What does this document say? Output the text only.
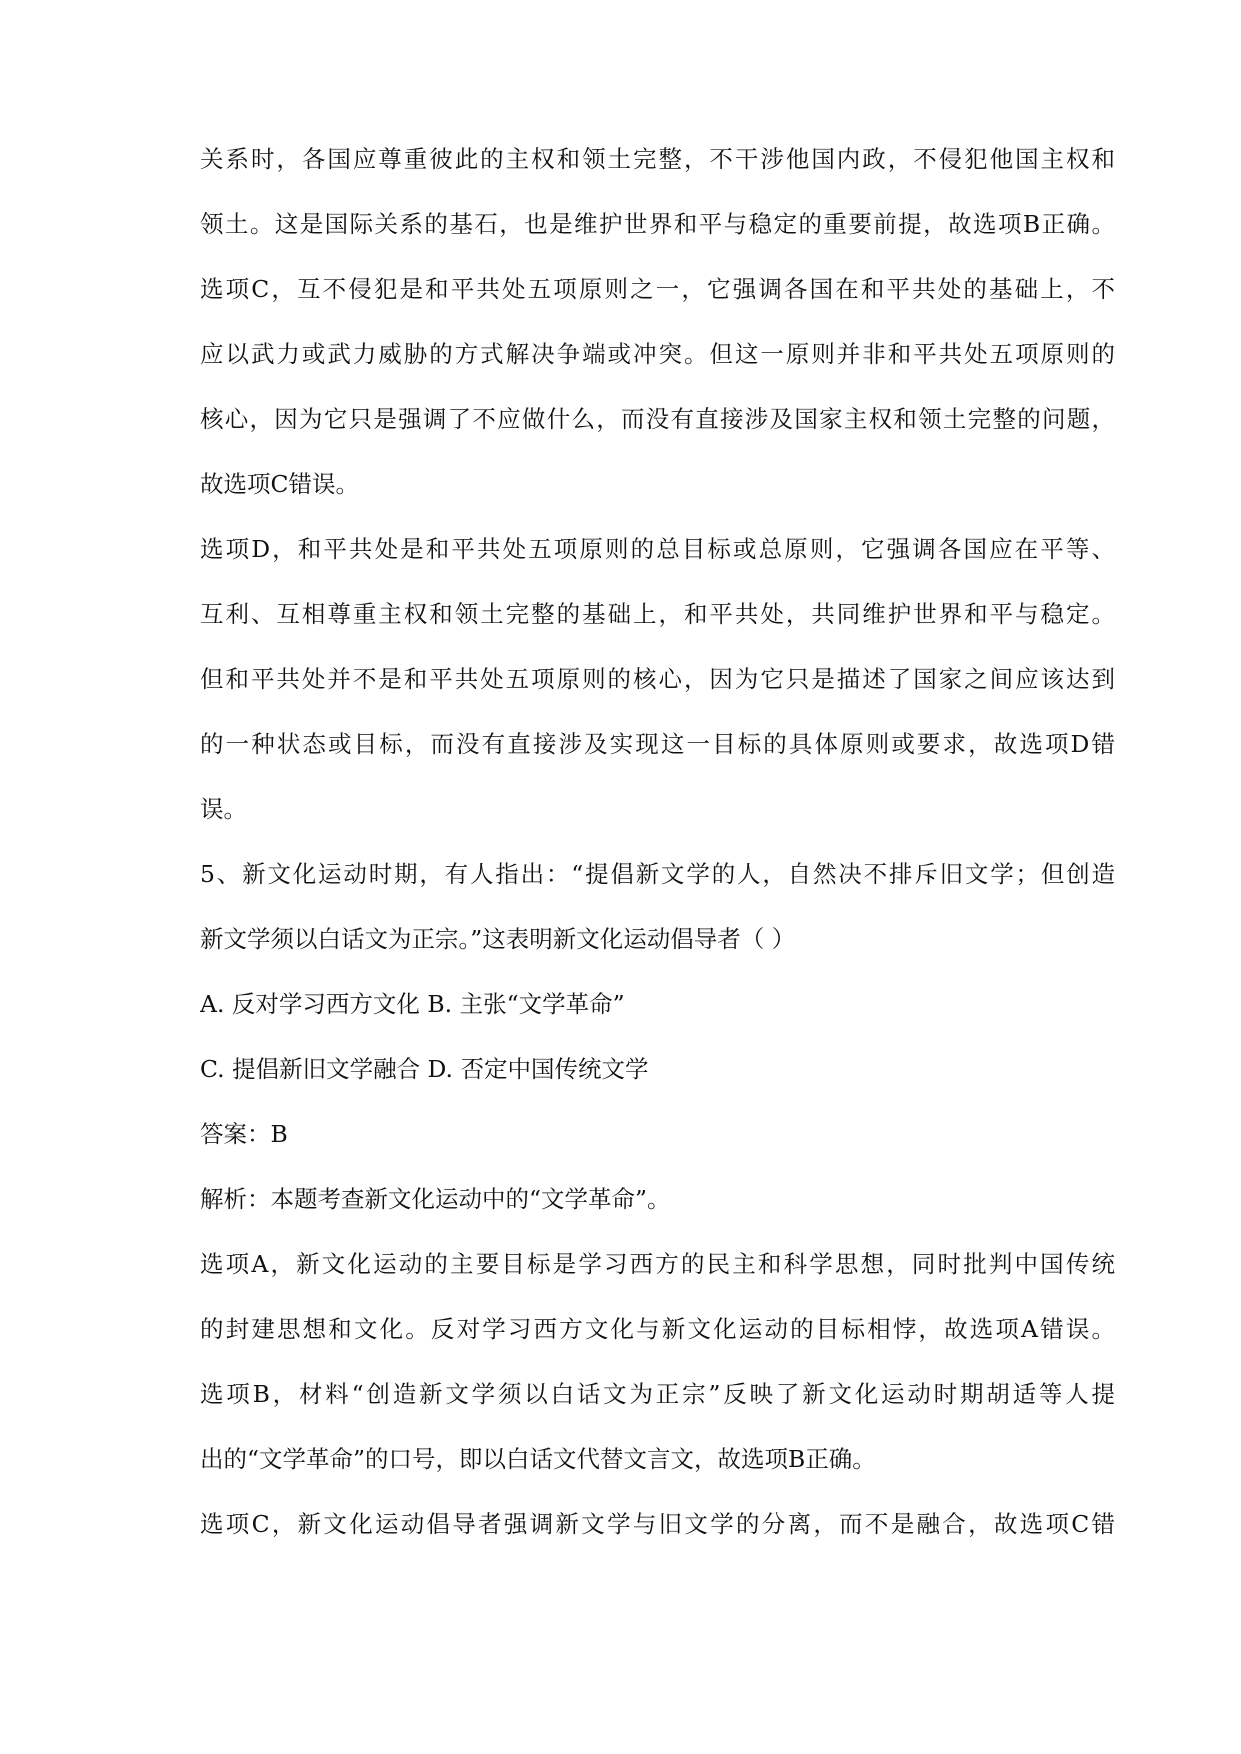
关系时，各国应尊重彼此的主权和领土完整，不干涉他国内政，不侵犯他国主权和
领土。这是国际关系的基石，也是维护世界和平与稳定的重要前提，故选项B正确。
选项C，互不侵犯是和平共处五项原则之一，它强调各国在和平共处的基础上，不
应以武力或武力威胁的方式解决争端或冲突。但这一原则并非和平共处五项原则的
核心，因为它只是强调了不应做什么，而没有直接涉及国家主权和领土完整的问题，
故选项C错误。
选项D，和平共处是和平共处五项原则的总目标或总原则，它强调各国应在平等、
互利、互相尊重主权和领土完整的基础上，和平共处，共同维护世界和平与稳定。
但和平共处并不是和平共处五项原则的核心，因为它只是描述了国家之间应该达到
的一种状态或目标，而没有直接涉及实现这一目标的具体原则或要求，故选项D错
误。
5、新文化运动时期，有人指出：“提倡新文学的人，自然决不排斥旧文学；但创造
新文学须以白话文为正宗。”这表明新文化运动倡导者（ ）
A. 反对学习西方文化 B. 主张“文学革命”
C. 提倡新旧文学融合 D. 否定中国传统文学
答案：B
解析：本题考查新文化运动中的“文学革命”。
选项A，新文化运动的主要目标是学习西方的民主和科学思想，同时批判中国传统
的封建思想和文化。反对学习西方文化与新文化运动的目标相悖，故选项A错误。
选项B，材料“创造新文学须以白话文为正宗”反映了新文化运动时期胡适等人提
出的“文学革命”的口号，即以白话文代替文言文，故选项B正确。
选项C，新文化运动倡导者强调新文学与旧文学的分离，而不是融合，故选项C错
